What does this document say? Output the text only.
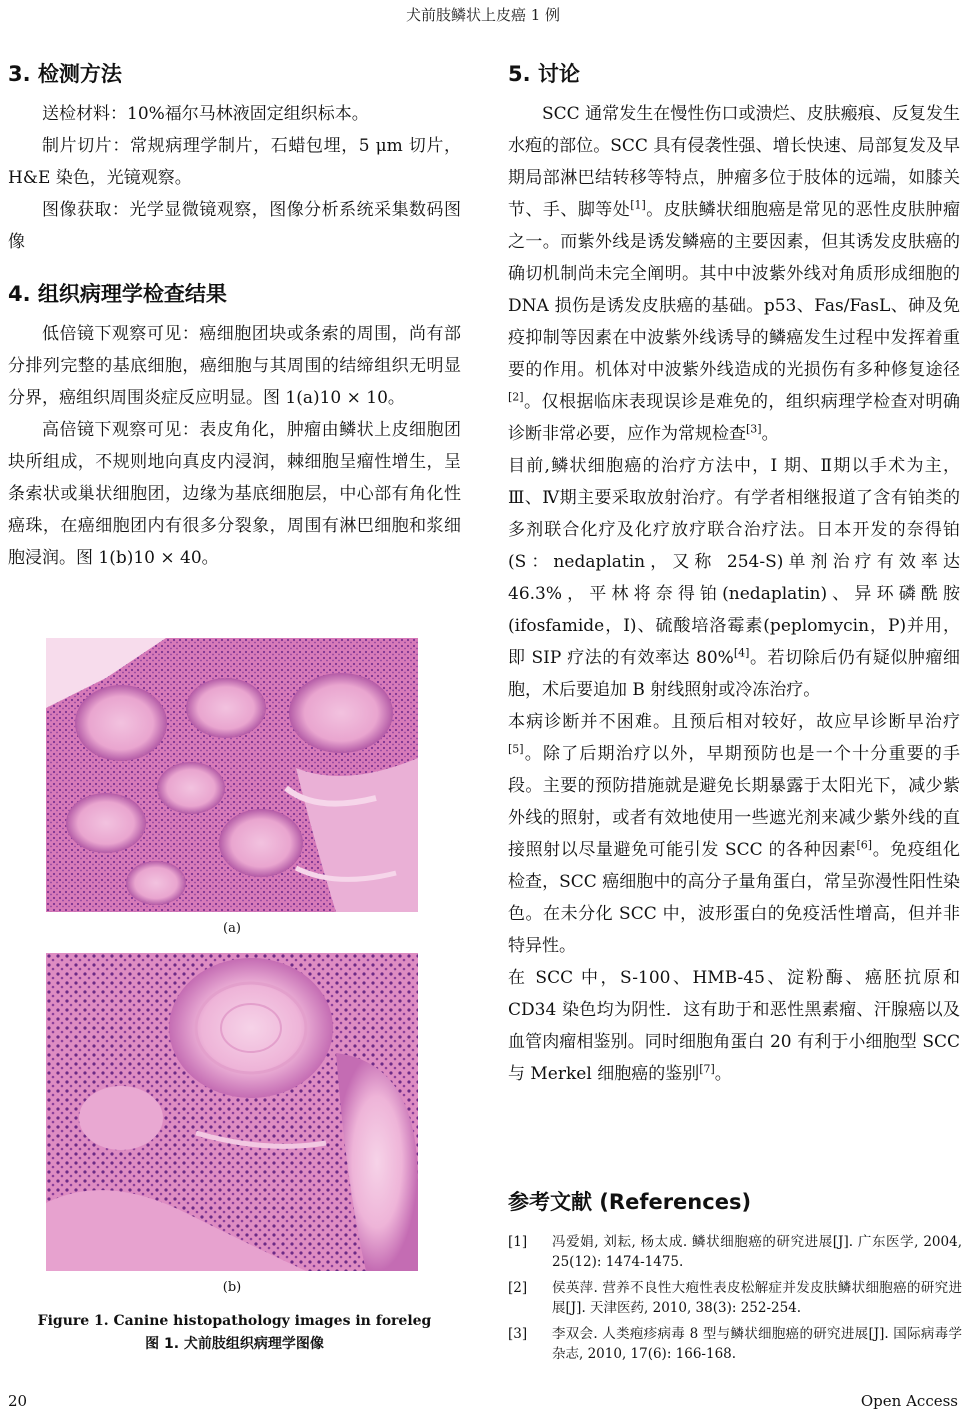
犬前肢鳞状上皮癌 1 例
3. 检测方法

送检材料：10%福尔马林液固定组织标本。

制片切片：常规病理学制片，石蜡包埋，5 μm 切片，H&E 染色，光镜观察。

图像获取：光学显微镜观察，图像分析系统采集数码图像

4. 组织病理学检查结果

低倍镜下观察可见：癌细胞团块或条索的周围，尚有部分排列完整的基底细胞，癌细胞与其周围的结缔组织无明显分界，癌组织周围炎症反应明显。图 1(a)10 × 10。

高倍镜下观察可见：表皮角化，肿瘤由鳞状上皮细胞团块所组成，不规则地向真皮内浸润，棘细胞呈瘤性增生，呈条索状或巢状细胞团，边缘为基底细胞层，中心部有角化性癌珠，在癌细胞团内有很多分裂象，周围有淋巴细胞和浆细胞浸润。图 1(b)10 × 40。

(a)
(b)
Figure 1. Canine histopathology images in foreleg
图 1. 犬前肢组织病理学图像
5. 讨论

SCC 通常发生在慢性伤口或溃烂、皮肤瘢痕、反复发生水疱的部位。SCC 具有侵袭性强、增长快速、局部复发及早期局部淋巴结转移等特点，肿瘤多位于肢体的远端，如膝关节、手、脚等处[1]。皮肤鳞状细胞癌是常见的恶性皮肤肿瘤之一。而紫外线是诱发鳞癌的主要因素，但其诱发皮肤癌的确切机制尚未完全阐明。其中中波紫外线对角质形成细胞的 DNA 损伤是诱发皮肤癌的基础。p53、Fas/FasL、砷及免疫抑制等因素在中波紫外线诱导的鳞癌发生过程中发挥着重要的作用。机体对中波紫外线造成的光损伤有多种修复途径[2]。仅根据临床表现误诊是难免的，组织病理学检查对明确诊断非常必要，应作为常规检查[3]。

目前,鳞状细胞癌的治疗方法中，I 期、Ⅱ期以手术为主，Ⅲ、Ⅳ期主要采取放射治疗。有学者相继报道了含有铂类的多剂联合化疗及化疗放疗联合治疗法。日本开发的奈得铂(S：nedaplatin，又称 254-S)单剂治疗有效率达 46.3%，平林将奈得铂(nedaplatin)、异环磷酰胺(ifosfamide，I)、硫酸培洛霉素(peplomycin，P)并用，即 SIP 疗法的有效率达 80%[4]。若切除后仍有疑似肿瘤细胞，术后要追加 B 射线照射或冷冻治疗。

本病诊断并不困难。且预后相对较好，故应早诊断早治疗[5]。除了后期治疗以外，早期预防也是一个十分重要的手段。主要的预防措施就是避免长期暴露于太阳光下，减少紫外线的照射，或者有效地使用一些遮光剂来减少紫外线的直接照射以尽量避免可能引发 SCC 的各种因素[6]。免疫组化检查，SCC 癌细胞中的高分子量角蛋白，常呈弥漫性阳性染色。在未分化 SCC 中，波形蛋白的免疫活性增高，但并非特异性。

在 SCC 中，S-100、HMB-45、淀粉酶、癌胚抗原和 CD34 染色均为阴性．这有助于和恶性黑素瘤、汗腺癌以及血管肉瘤相鉴别。同时细胞角蛋白 20 有利于小细胞型 SCC 与 Merkel 细胞癌的鉴别[7]。

参考文献 (References)
[1]	冯爱娟, 刘耘, 杨太成. 鳞状细胞癌的研究进展[J]. 广东医学, 2004, 25(12): 1474-1475.
[2]	侯英萍. 营养不良性大疱性表皮松解症并发皮肤鳞状细胞癌的研究进展[J]. 天津医药, 2010, 38(3): 252-254.
[3]	李双会. 人类疱疹病毒 8 型与鳞状细胞癌的研究进展[J]. 国际病毒学杂志, 2010, 17(6): 166-168.
20	Open Access
